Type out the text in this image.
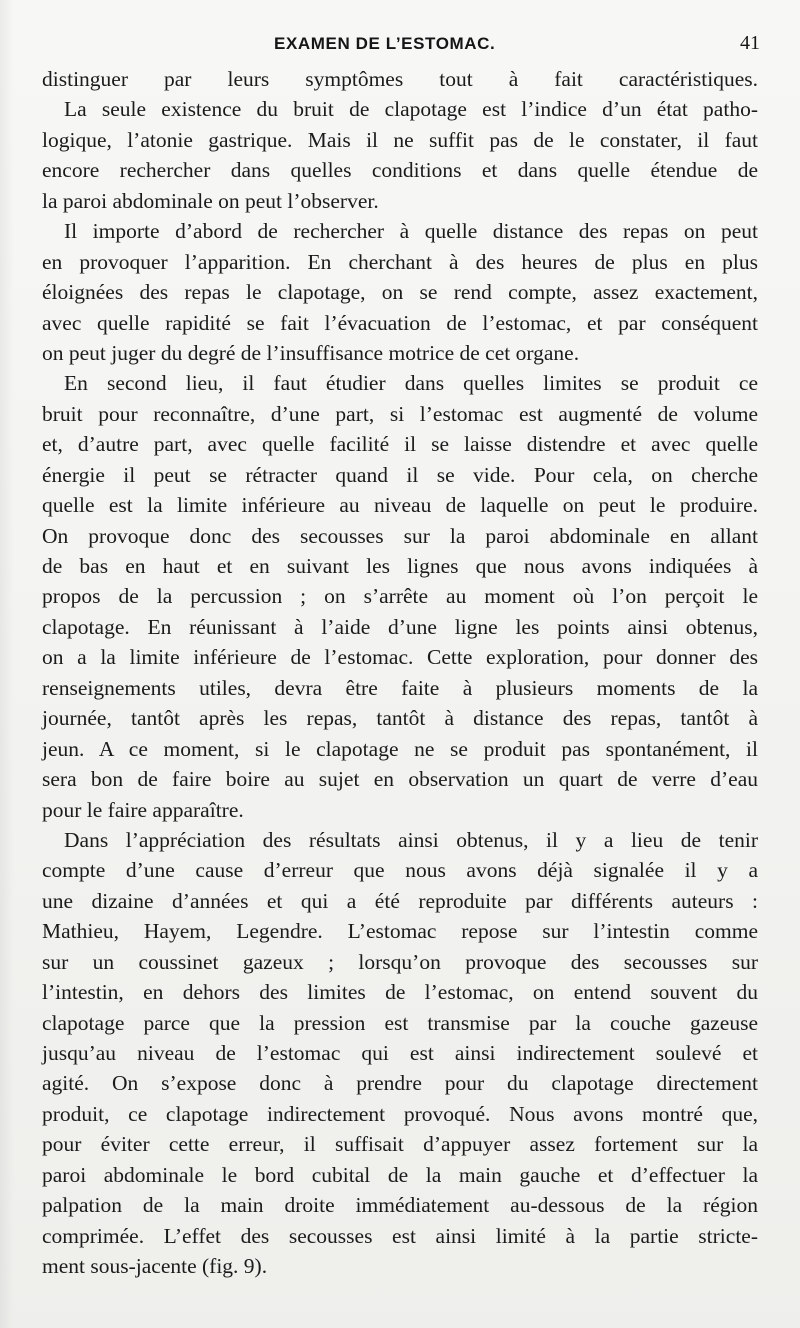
EXAMEN DE L’ESTOMAC.	41
distinguer par leurs symptômes tout à fait caractéristiques.
La seule existence du bruit de clapotage est l’indice d’un état patho-
logique, l’atonie gastrique. Mais il ne suffit pas de le constater, il faut
encore rechercher dans quelles conditions et dans quelle étendue de
la paroi abdominale on peut l’observer.
Il importe d’abord de rechercher à quelle distance des repas on peut
en provoquer l’apparition. En cherchant à des heures de plus en plus
éloignées des repas le clapotage, on se rend compte, assez exactement,
avec quelle rapidité se fait l’évacuation de l’estomac, et par conséquent
on peut juger du degré de l’insuffisance motrice de cet organe.
En second lieu, il faut étudier dans quelles limites se produit ce
bruit pour reconnaître, d’une part, si l’estomac est augmenté de volume
et, d’autre part, avec quelle facilité il se laisse distendre et avec quelle
énergie il peut se rétracter quand il se vide. Pour cela, on cherche
quelle est la limite inférieure au niveau de laquelle on peut le produire.
On provoque donc des secousses sur la paroi abdominale en allant
de bas en haut et en suivant les lignes que nous avons indiquées à
propos de la percussion ; on s’arrête au moment où l’on perçoit le
clapotage. En réunissant à l’aide d’une ligne les points ainsi obtenus,
on a la limite inférieure de l’estomac. Cette exploration, pour donner des
renseignements utiles, devra être faite à plusieurs moments de la
journée, tantôt après les repas, tantôt à distance des repas, tantôt à
jeun. A ce moment, si le clapotage ne se produit pas spontanément, il
sera bon de faire boire au sujet en observation un quart de verre d’eau
pour le faire apparaître.
Dans l’appréciation des résultats ainsi obtenus, il y a lieu de tenir
compte d’une cause d’erreur que nous avons déjà signalée il y a
une dizaine d’années et qui a été reproduite par différents auteurs :
Mathieu, Hayem, Legendre. L’estomac repose sur l’intestin comme
sur un coussinet gazeux ; lorsqu’on provoque des secousses sur
l’intestin, en dehors des limites de l’estomac, on entend souvent du
clapotage parce que la pression est transmise par la couche gazeuse
jusqu’au niveau de l’estomac qui est ainsi indirectement soulevé et
agité. On s’expose donc à prendre pour du clapotage directement
produit, ce clapotage indirectement provoqué. Nous avons montré que,
pour éviter cette erreur, il suffisait d’appuyer assez fortement sur la
paroi abdominale le bord cubital de la main gauche et d’effectuer la
palpation de la main droite immédiatement au-dessous de la région
comprimée. L’effet des secousses est ainsi limité à la partie stricte-
ment sous-jacente (fig. 9).
